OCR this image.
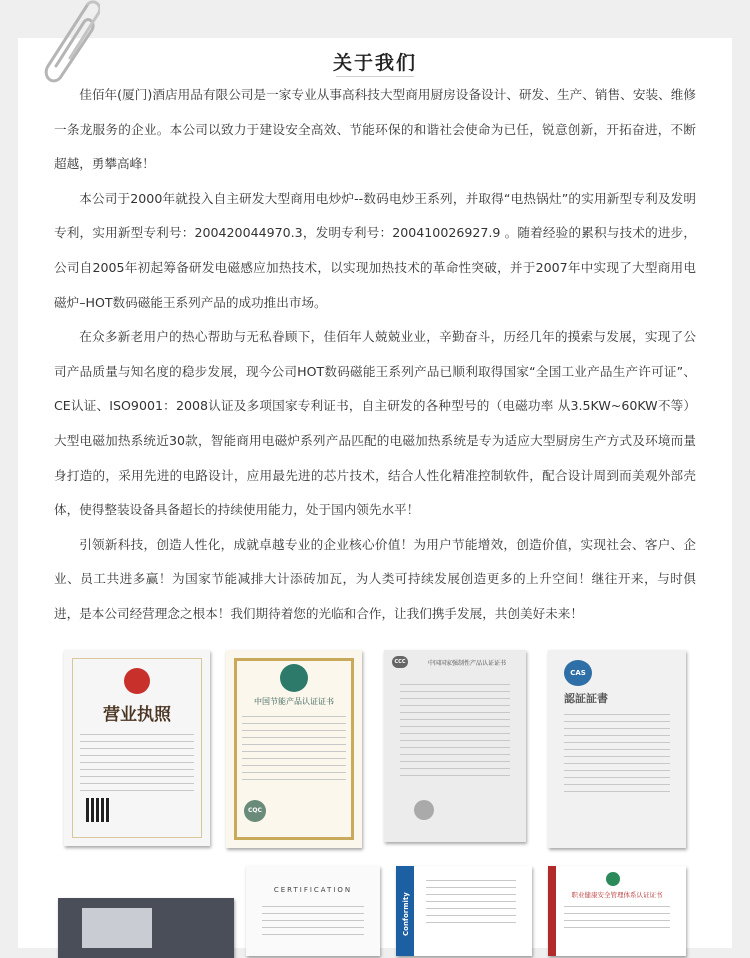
关于我们

佳佰年(厦门)酒店用品有限公司是一家专业从事高科技大型商用厨房设备设计、研发、生产、销售、安装、维修一条龙服务的企业。本公司以致力于建设安全高效、节能环保的和谐社会使命为已任，锐意创新，开拓奋进，不断超越，勇攀高峰！

本公司于2000年就投入自主研发大型商用电炒炉--数码电炒王系列，并取得“电热锅灶”的实用新型专利及发明专利，实用新型专利号：200420044970.3，发明专利号：200410026927.9 。随着经验的累积与技术的进步，公司自2005年初起筹备研发电磁感应加热技术，以实现加热技术的革命性突破，并于2007年中实现了大型商用电磁炉–HOT数码磁能王系列产品的成功推出市场。

在众多新老用户的热心帮助与无私眷顾下，佳佰年人兢兢业业，辛勤奋斗，历经几年的摸索与发展，实现了公司产品质量与知名度的稳步发展，现今公司HOT数码磁能王系列产品已顺利取得国家“全国工业产品生产许可证”、CE认证、ISO9001：2008认证及多项国家专利证书，自主研发的各种型号的（电磁功率 从3.5KW~60KW不等）大型电磁加热系统近30款，智能商用电磁炉系列产品匹配的电磁加热系统是专为适应大型厨房生产方式及环境而量身打造的，采用先进的电路设计，应用最先进的芯片技术，结合人性化精准控制软件，配合设计周到而美观外部壳体，使得整装设备具备超长的持续使用能力，处于国内领先水平！

引领新科技，创造人性化，成就卓越专业的企业核心价值！为用户节能增效，创造价值，实现社会、客户、企业、员工共进多赢！为国家节能减排大计添砖加瓦，为人类可持续发展创造更多的上升空间！继往开来，与时俱进，是本公司经营理念之根本！我们期待着您的光临和合作，让我们携手发展，共创美好未来！

营业执照
中国节能产品认证证书
CQC
CCC	中国国家强制性产品认证证书
CAS
認証証書
CERTIFICATION
Conformity	职业健康安全管理体系认证证书
